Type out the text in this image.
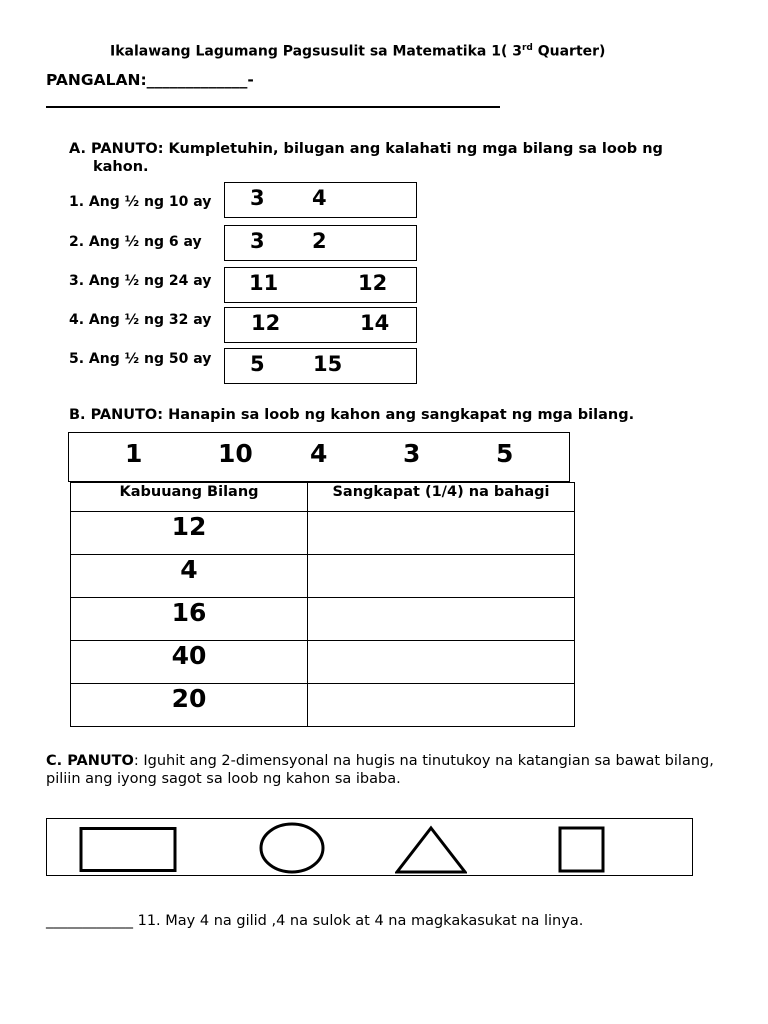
Ikalawang Lagumang Pagsusulit sa Matematika 1( 3rd Quarter)
PANGALAN:_____________-
A. PANUTO: Kumpletuhin, bilugan ang kalahati ng mga bilang sa loob ng
kahon.
1. Ang ½ ng 10 ay 3 4
2. Ang ½ ng 6 ay 3 2
3. Ang ½ ng 24 ay 11	12
4. Ang ½ ng 32 ay 12	14
5. Ang ½ ng 50 ay 5 15
B. PANUTO: Hanapin sa loob ng kahon ang sangkapat ng mga bilang.
1	10 4	3	5
Kabuuang Bilang	Sangkapat (1/4) na bahagi
12	
4	
16	
40	
20	
C. PANUTO: Iguhit ang 2-dimensyonal na hugis na tinutukoy na katangian sa bawat bilang, piliin ang iyong sagot sa loob ng kahon sa ibaba.
____________ 11. May 4 na gilid ,4 na sulok at 4 na magkakasukat na linya.
